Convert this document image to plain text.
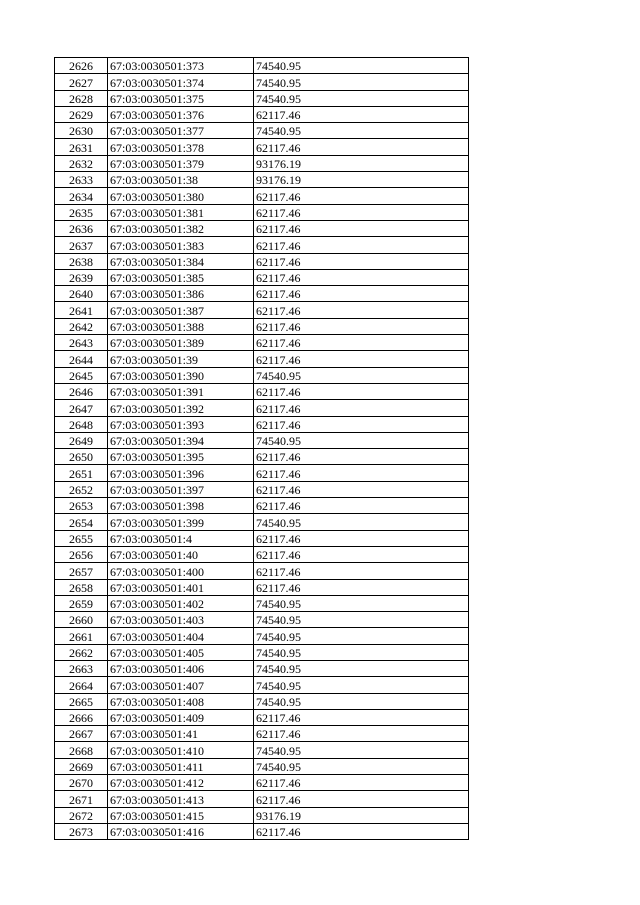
2626	67:03:0030501:373	74540.95
2627	67:03:0030501:374	74540.95
2628	67:03:0030501:375	74540.95
2629	67:03:0030501:376	62117.46
2630	67:03:0030501:377	74540.95
2631	67:03:0030501:378	62117.46
2632	67:03:0030501:379	93176.19
2633	67:03:0030501:38	93176.19
2634	67:03:0030501:380	62117.46
2635	67:03:0030501:381	62117.46
2636	67:03:0030501:382	62117.46
2637	67:03:0030501:383	62117.46
2638	67:03:0030501:384	62117.46
2639	67:03:0030501:385	62117.46
2640	67:03:0030501:386	62117.46
2641	67:03:0030501:387	62117.46
2642	67:03:0030501:388	62117.46
2643	67:03:0030501:389	62117.46
2644	67:03:0030501:39	62117.46
2645	67:03:0030501:390	74540.95
2646	67:03:0030501:391	62117.46
2647	67:03:0030501:392	62117.46
2648	67:03:0030501:393	62117.46
2649	67:03:0030501:394	74540.95
2650	67:03:0030501:395	62117.46
2651	67:03:0030501:396	62117.46
2652	67:03:0030501:397	62117.46
2653	67:03:0030501:398	62117.46
2654	67:03:0030501:399	74540.95
2655	67:03:0030501:4	62117.46
2656	67:03:0030501:40	62117.46
2657	67:03:0030501:400	62117.46
2658	67:03:0030501:401	62117.46
2659	67:03:0030501:402	74540.95
2660	67:03:0030501:403	74540.95
2661	67:03:0030501:404	74540.95
2662	67:03:0030501:405	74540.95
2663	67:03:0030501:406	74540.95
2664	67:03:0030501:407	74540.95
2665	67:03:0030501:408	74540.95
2666	67:03:0030501:409	62117.46
2667	67:03:0030501:41	62117.46
2668	67:03:0030501:410	74540.95
2669	67:03:0030501:411	74540.95
2670	67:03:0030501:412	62117.46
2671	67:03:0030501:413	62117.46
2672	67:03:0030501:415	93176.19
2673	67:03:0030501:416	62117.46
